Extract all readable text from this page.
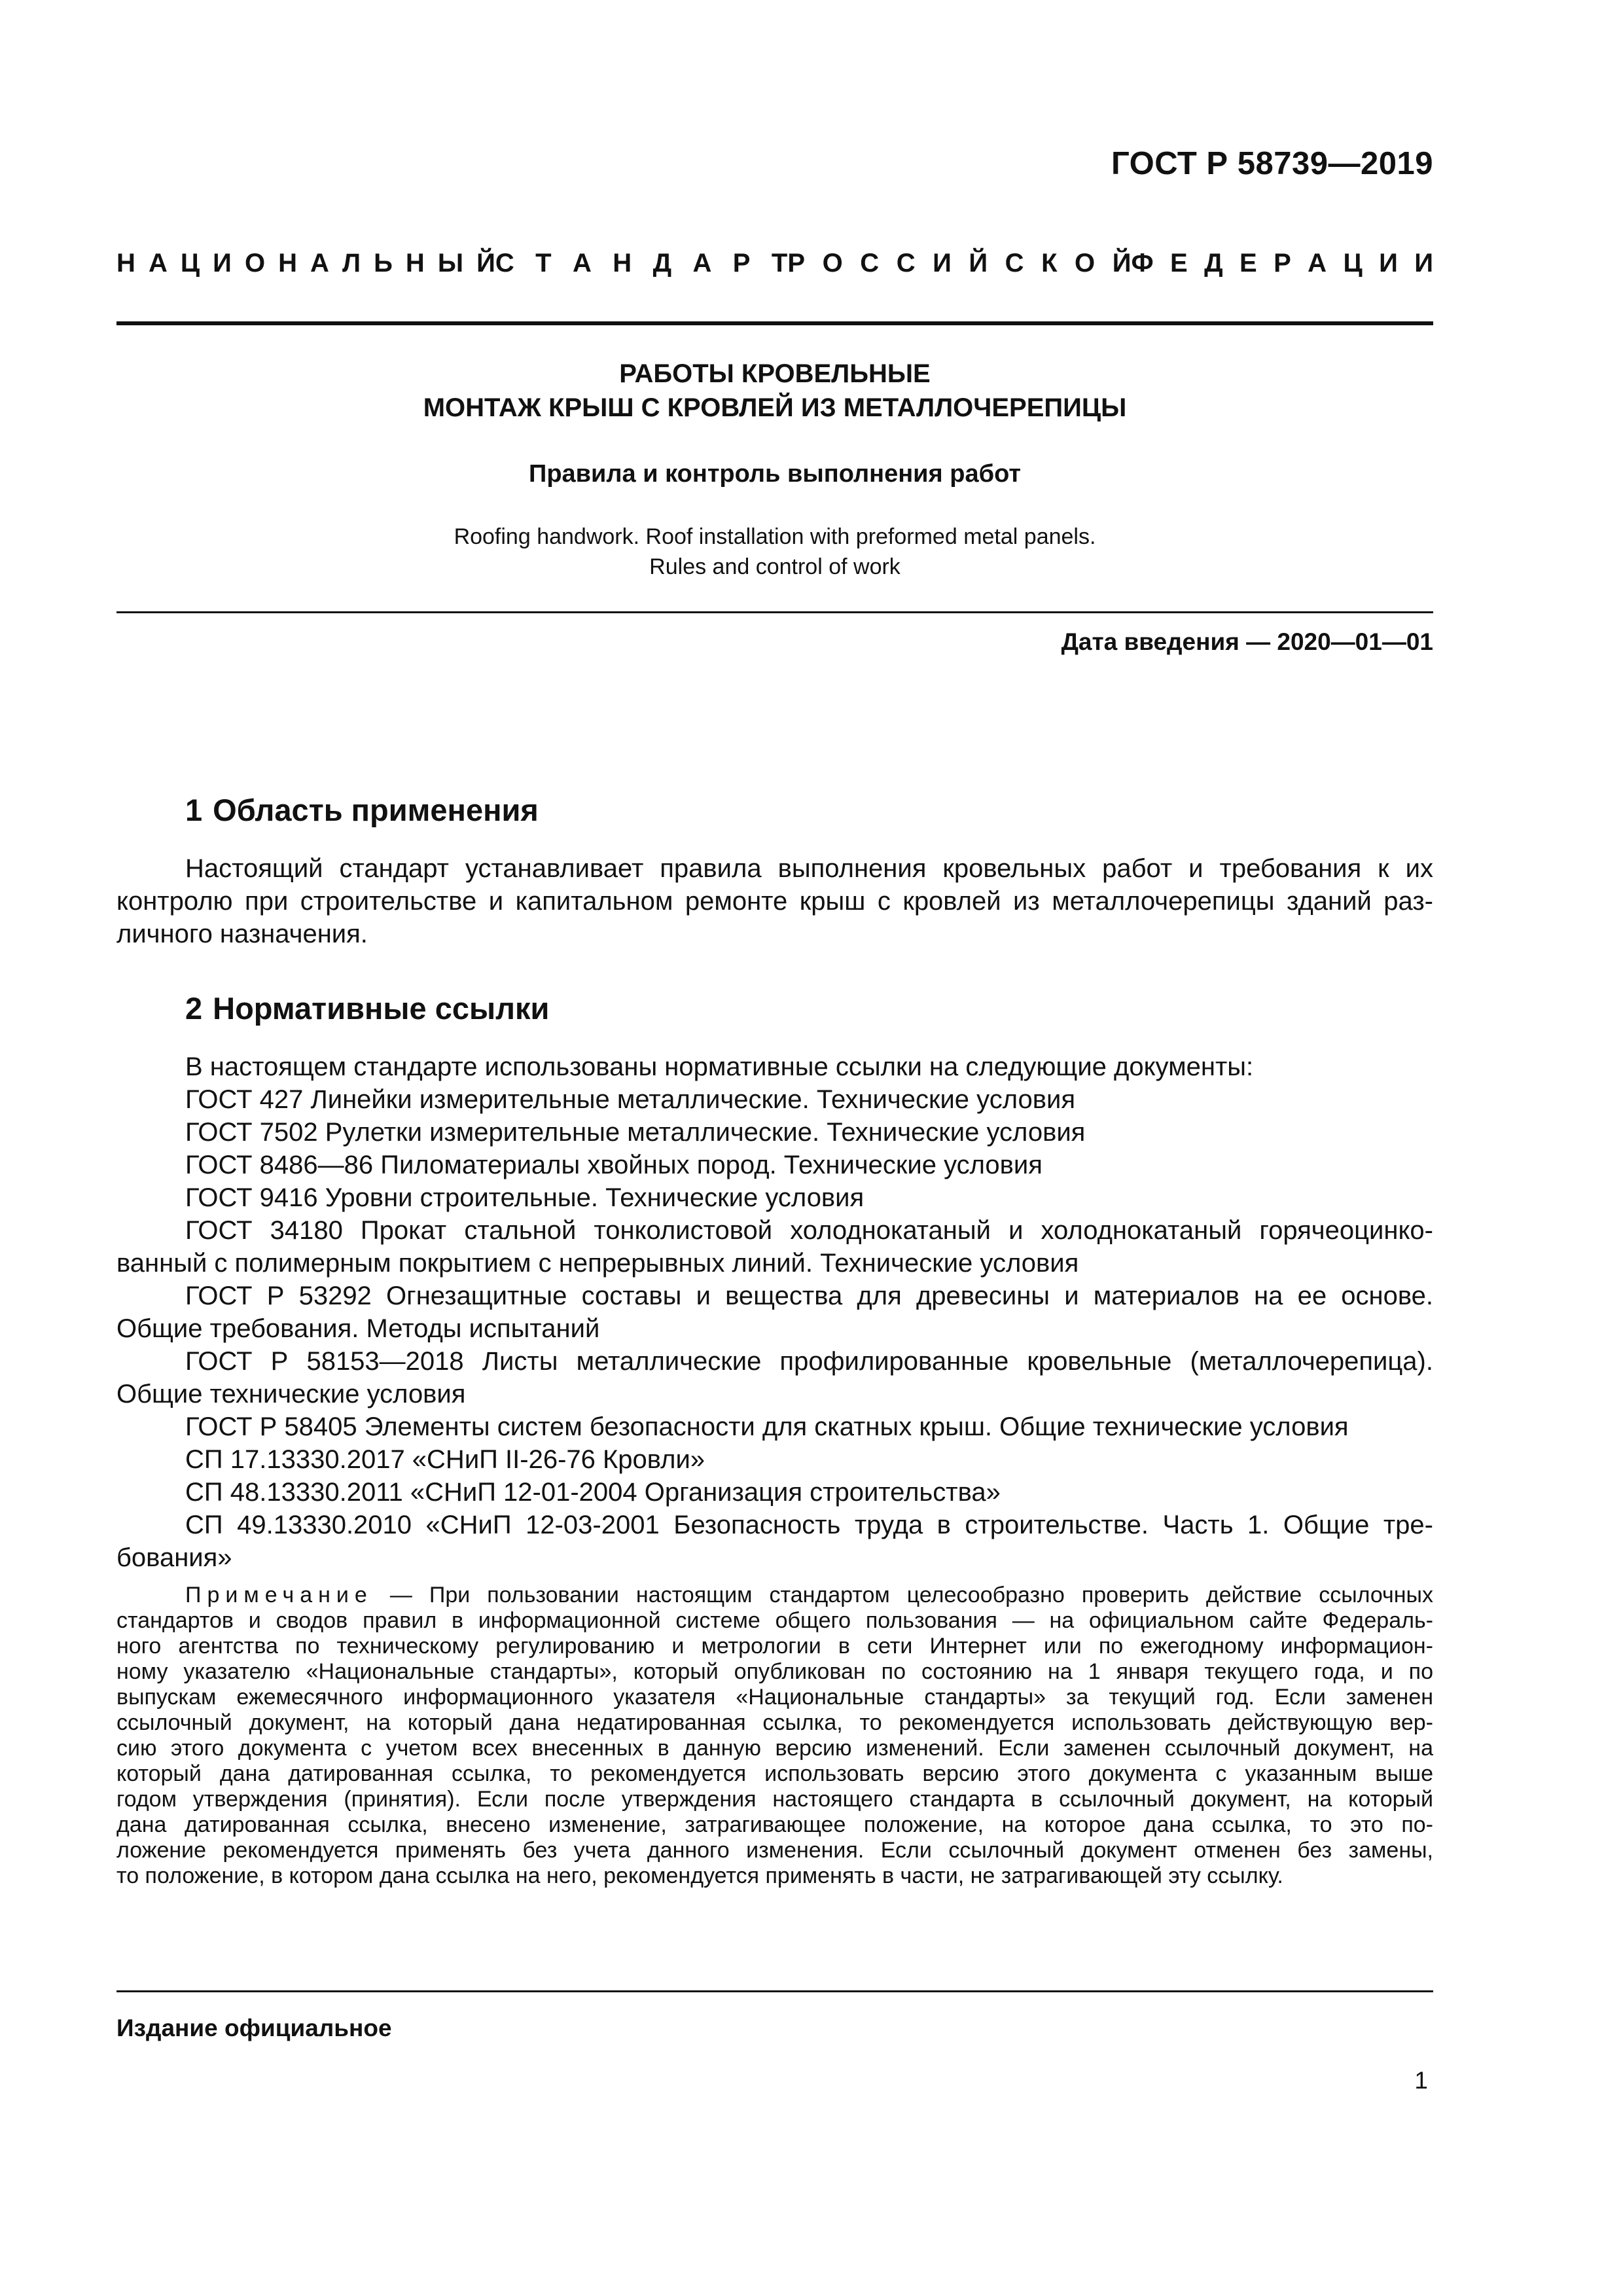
ГОСТ Р 58739—2019
Н А Ц И О Н А Л Ь Н Ы Й С Т А Н Д А Р Т Р О С С И Й С К О Й Ф Е Д Е Р А Ц И И
РАБОТЫ КРОВЕЛЬНЫЕ
МОНТАЖ КРЫШ С КРОВЛЕЙ ИЗ МЕТАЛЛОЧЕРЕПИЦЫ
Правила и контроль выполнения работ
Roofing handwork. Roof installation with preformed metal panels.
Rules and control of work
Дата введения — 2020—01—01
1 Область применения
Настоящий стандарт устанавливает правила выполнения кровельных работ и требования к их
контролю при строительстве и капитальном ремонте крыш с кровлей из металлочерепицы зданий раз-
личного назначения.
2 Нормативные ссылки
В настоящем стандарте использованы нормативные ссылки на следующие документы:
ГОСТ 427 Линейки измерительные металлические. Технические условия
ГОСТ 7502 Рулетки измерительные металлические. Технические условия
ГОСТ 8486—86 Пиломатериалы хвойных пород. Технические условия
ГОСТ 9416 Уровни строительные. Технические условия
ГОСТ 34180 Прокат стальной тонколистовой холоднокатаный и холоднокатаный горячеоцинко-
ванный с полимерным покрытием с непрерывных линий. Технические условия
ГОСТ Р 53292 Огнезащитные составы и вещества для древесины и материалов на ее основе.
Общие требования. Методы испытаний
ГОСТ Р 58153—2018 Листы металлические профилированные кровельные (металлочерепица).
Общие технические условия
ГОСТ Р 58405 Элементы систем безопасности для скатных крыш. Общие технические условия
СП 17.13330.2017 «СНиП II-26-76 Кровли»
СП 48.13330.2011 «СНиП 12-01-2004 Организация строительства»
СП 49.13330.2010 «СНиП 12-03-2001 Безопасность труда в строительстве. Часть 1. Общие тре-
бования»
Примечание — При пользовании настоящим стандартом целесообразно проверить действие ссылочных
стандартов и сводов правил в информационной системе общего пользования — на официальном сайте Федераль-
ного агентства по техническому регулированию и метрологии в сети Интернет или по ежегодному информацион-
ному указателю «Национальные стандарты», который опубликован по состоянию на 1 января текущего года, и по
выпускам ежемесячного информационного указателя «Национальные стандарты» за текущий год. Если заменен
ссылочный документ, на который дана недатированная ссылка, то рекомендуется использовать действующую вер-
сию этого документа с учетом всех внесенных в данную версию изменений. Если заменен ссылочный документ, на
который дана датированная ссылка, то рекомендуется использовать версию этого документа с указанным выше
годом утверждения (принятия). Если после утверждения настоящего стандарта в ссылочный документ, на который
дана датированная ссылка, внесено изменение, затрагивающее положение, на которое дана ссылка, то это по-
ложение рекомендуется применять без учета данного изменения. Если ссылочный документ отменен без замены,
то положение, в котором дана ссылка на него, рекомендуется применять в части, не затрагивающей эту ссылку.
Издание официальное
1
